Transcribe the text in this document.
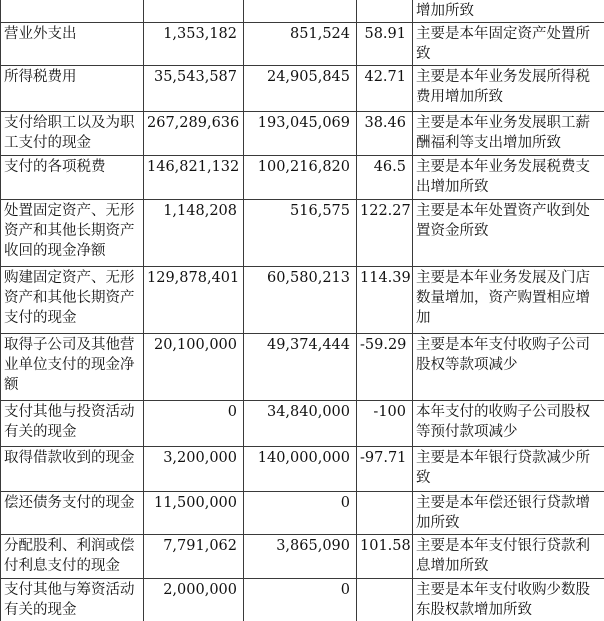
				增加所致
营业外支出	1,353,182	851,524	58.91	主要是本年固定资产处置所致
所得税费用	35,543,587	24,905,845	42.71	主要是本年业务发展所得税费用增加所致
支付给职工以及为职工支付的现金	267,289,636	193,045,069	38.46	主要是本年业务发展职工薪酬福利等支出增加所致
支付的各项税费	146,821,132	100,216,820	46.5	主要是本年业务发展税费支出增加所致
处置固定资产、无形资产和其他长期资产收回的现金净额	1,148,208	516,575	122.27	主要是本年处置资产收到处置资金所致
购建固定资产、无形资产和其他长期资产支付的现金	129,878,401	60,580,213	114.39	主要是本年业务发展及门店数量增加，资产购置相应增加
取得子公司及其他营业单位支付的现金净额	20,100,000	49,374,444	-59.29	主要是本年支付收购子公司股权等款项减少
支付其他与投资活动有关的现金	0	34,840,000	-100	本年支付的收购子公司股权等预付款项减少
取得借款收到的现金	3,200,000	140,000,000	-97.71	主要是本年银行贷款减少所致
偿还债务支付的现金	11,500,000	0		主要是本年偿还银行贷款增加所致
分配股利、利润或偿付利息支付的现金	7,791,062	3,865,090	101.58	主要是本年支付银行贷款利息增加所致
支付其他与筹资活动有关的现金	2,000,000	0		主要是本年支付收购少数股东股权款增加所致
